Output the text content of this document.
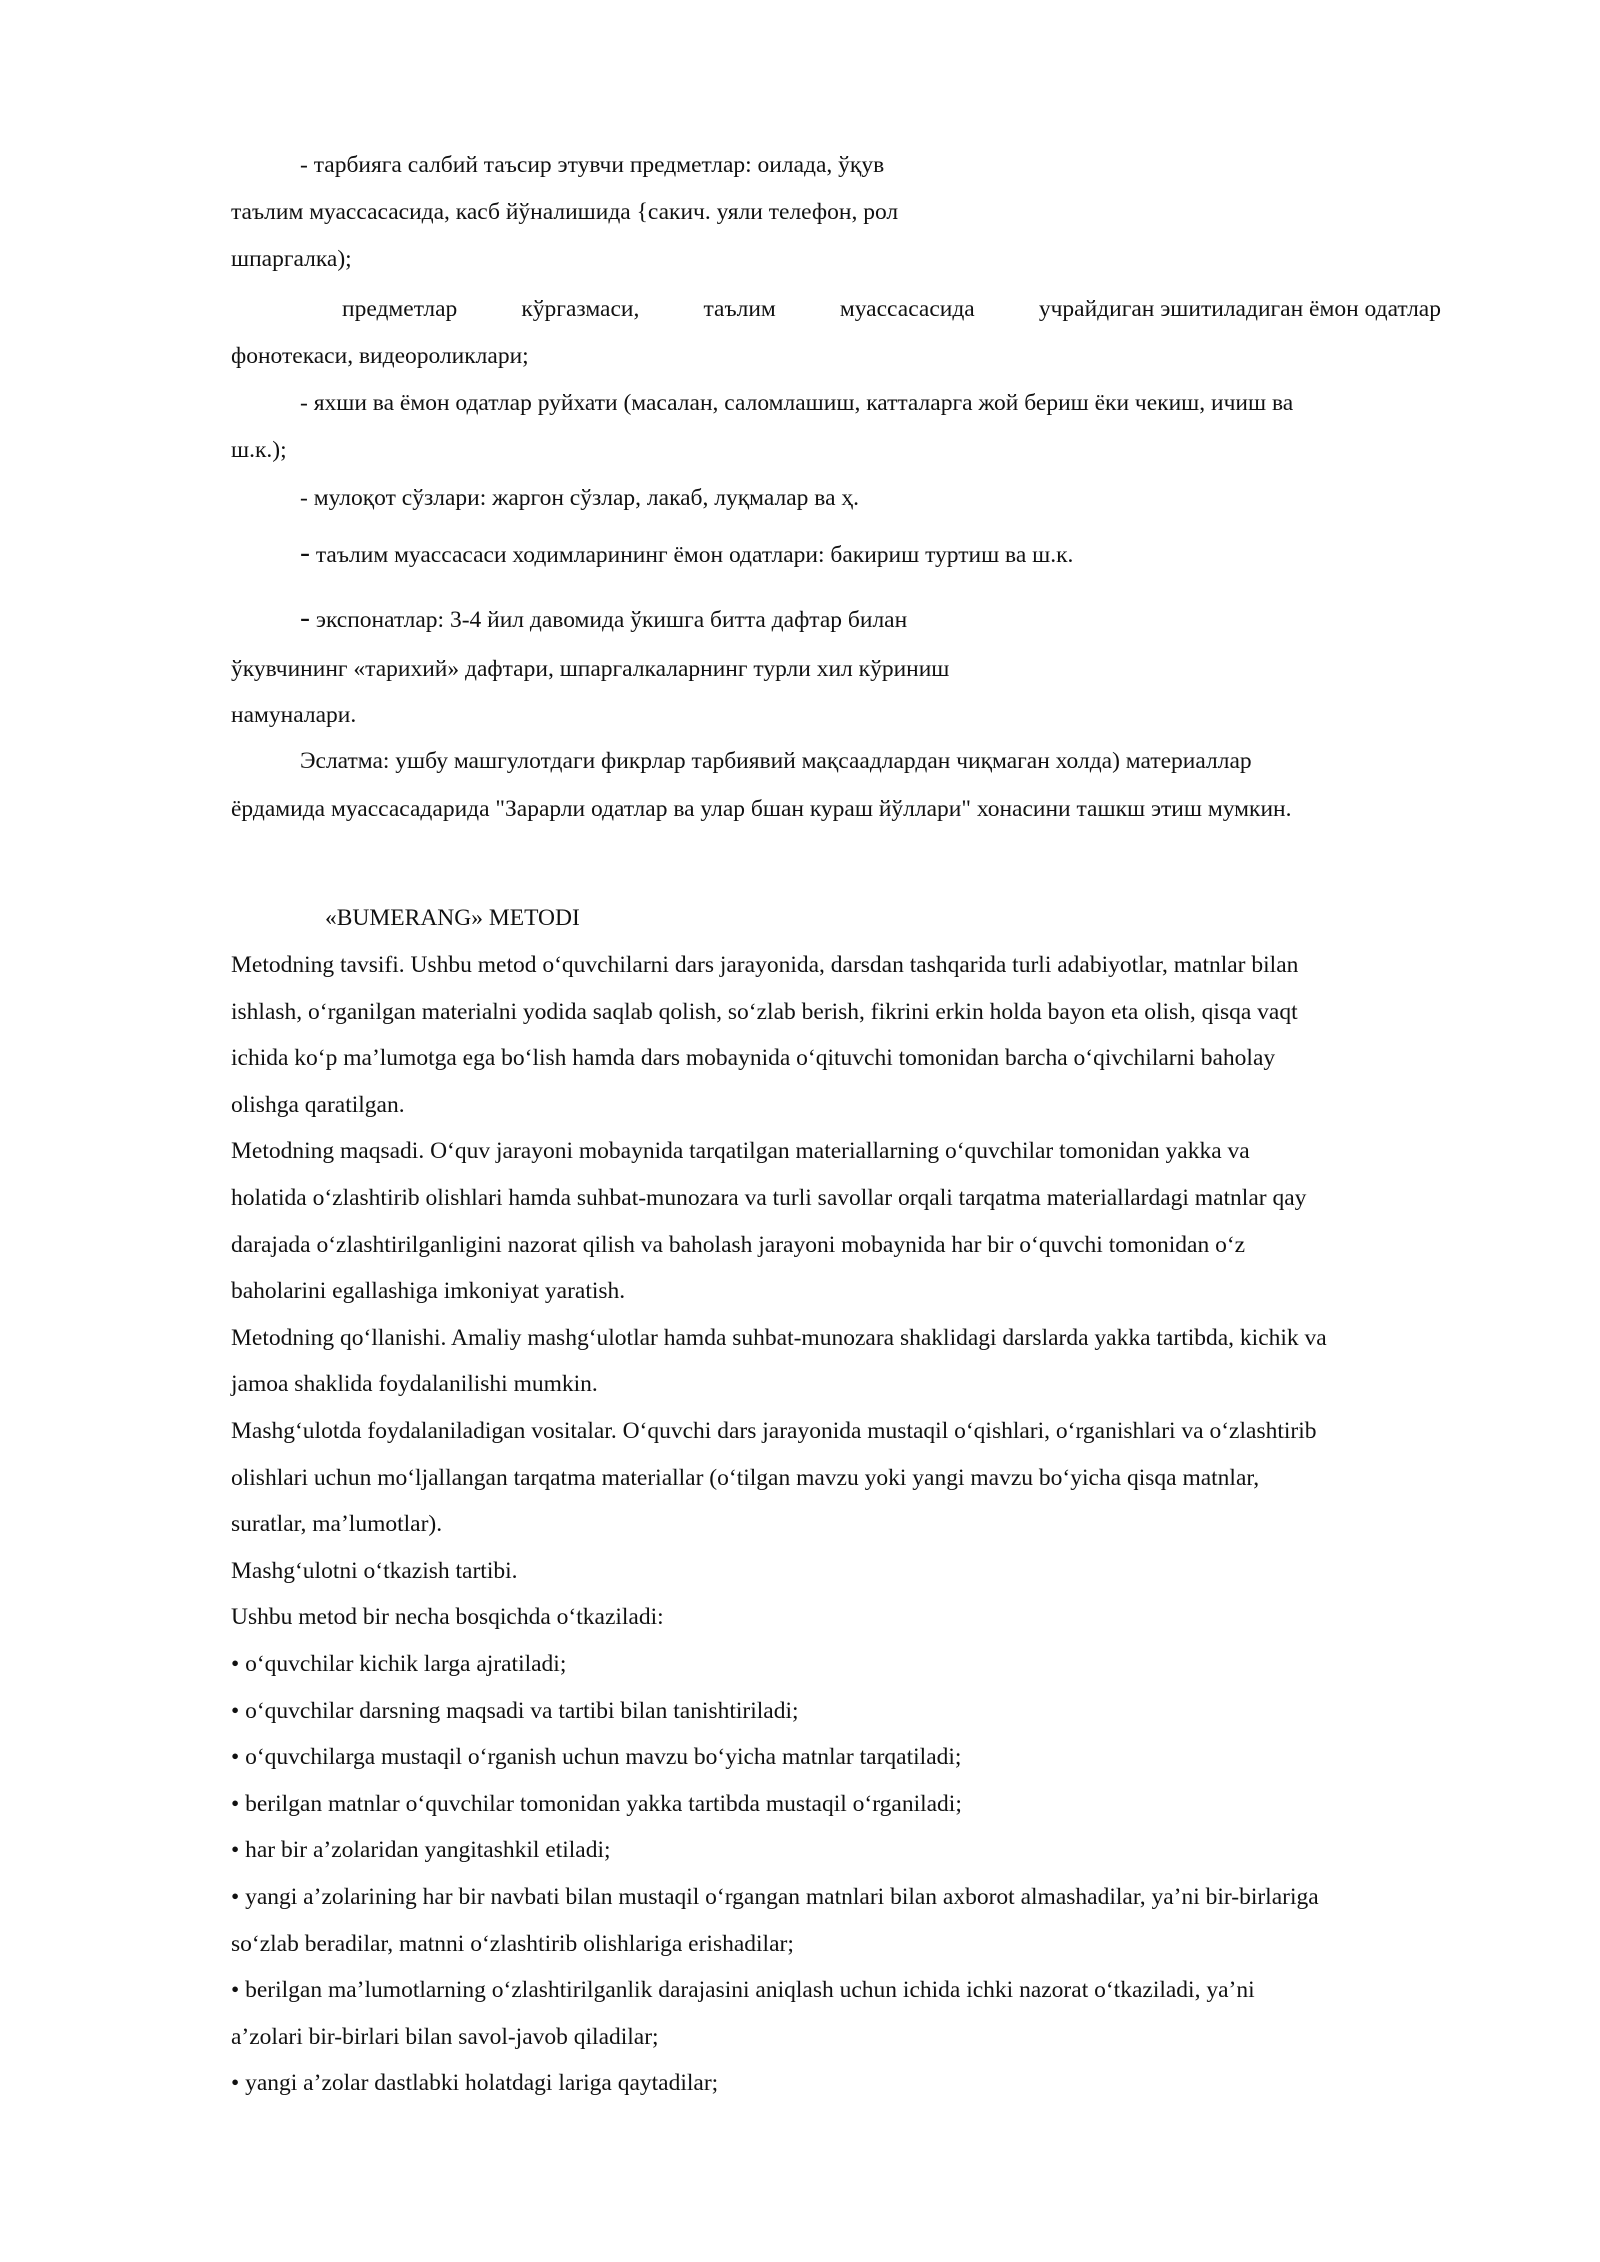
- тарбияга салбий таъсир этувчи предметлар: оилада, ўқув
таълим муассасасида, касб йўналишида {сакич. уяли телефон, рол
шпаргалка);
предметлар	кўргазмаси,	таълим	муассасасида	учрайдиган эшитиладиган ёмон одатлар
фонотекаси, видеороликлари;
- яхши ва ёмон одатлар руйхати (масалан, саломлашиш, катталарга жой бериш ёки чекиш, ичиш ва
ш.к.);
- мулоқот сўзлари: жаргон сўзлар, лакаб, луқмалар ва ҳ.
- таълим муассасаси ходимларининг ёмон одатлари: бакириш туртиш ва ш.к.
- экспонатлар: 3-4 йил давомида ўкишга битта дафтар билан
ўкувчининг «тарихий» дафтари, шпаргалкаларнинг турли хил кўриниш
намуналари.
Эслатма: ушбу машгулотдаги фикрлар тарбиявий мақсаадлардан чиқмаган холда) материаллар
ёрдамида муассасадарида "Зарарли одатлар ва улар бшан кураш йўллари" хонасини ташкш этиш мумкин.
«BUMERANG» METODI
Metodning tavsifi. Ushbu metod o‘quvchilarni dars jarayonida, darsdan tashqarida turli adabiyotlar, matnlar bilan
ishlash, o‘rganilgan materialni yodida saqlab qolish, so‘zlab berish, fikrini erkin holda bayon eta olish, qisqa vaqt
ichida ko‘p ma’lumotga ega bo‘lish hamda dars mobaynida o‘qituvchi tomonidan barcha o‘qivchilarni baholay
olishga qaratilgan.
Metodning maqsadi. O‘quv jarayoni mobaynida tarqatilgan materiallarning o‘quvchilar tomonidan yakka va
holatida o‘zlashtirib olishlari hamda suhbat-munozara va turli savollar orqali tarqatma materiallardagi matnlar qay
darajada o‘zlashtirilganligini nazorat qilish va baholash jarayoni mobaynida har bir o‘quvchi tomonidan o‘z
baholarini egallashiga imkoniyat yaratish.
Metodning qo‘llanishi. Amaliy mashg‘ulotlar hamda suhbat-munozara shaklidagi darslarda yakka tartibda, kichik va
jamoa shaklida foydalanilishi mumkin.
Mashg‘ulotda foydalaniladigan vositalar. O‘quvchi dars jarayonida mustaqil o‘qishlari, o‘rganishlari va o‘zlashtirib
olishlari uchun mo‘ljallangan tarqatma materiallar (o‘tilgan mavzu yoki yangi mavzu bo‘yicha qisqa matnlar,
suratlar, ma’lumotlar).
Mashg‘ulotni o‘tkazish tartibi.
Ushbu metod bir necha bosqichda o‘tkaziladi:
• o‘quvchilar kichik larga ajratiladi;
• o‘quvchilar darsning maqsadi va tartibi bilan tanishtiriladi;
• o‘quvchilarga mustaqil o‘rganish uchun mavzu bo‘yicha matnlar tarqatiladi;
• berilgan matnlar o‘quvchilar tomonidan yakka tartibda mustaqil o‘rganiladi;
• har bir a’zolaridan yangitashkil etiladi;
• yangi a’zolarining har bir navbati bilan mustaqil o‘rgangan matnlari bilan axborot almashadilar, ya’ni bir-birlariga
so‘zlab beradilar, matnni o‘zlashtirib olishlariga erishadilar;
• berilgan ma’lumotlarning o‘zlashtirilganlik darajasini aniqlash uchun ichida ichki nazorat o‘tkaziladi, ya’ni
a’zolari bir-birlari bilan savol-javob qiladilar;
• yangi a’zolar dastlabki holatdagi lariga qaytadilar;
